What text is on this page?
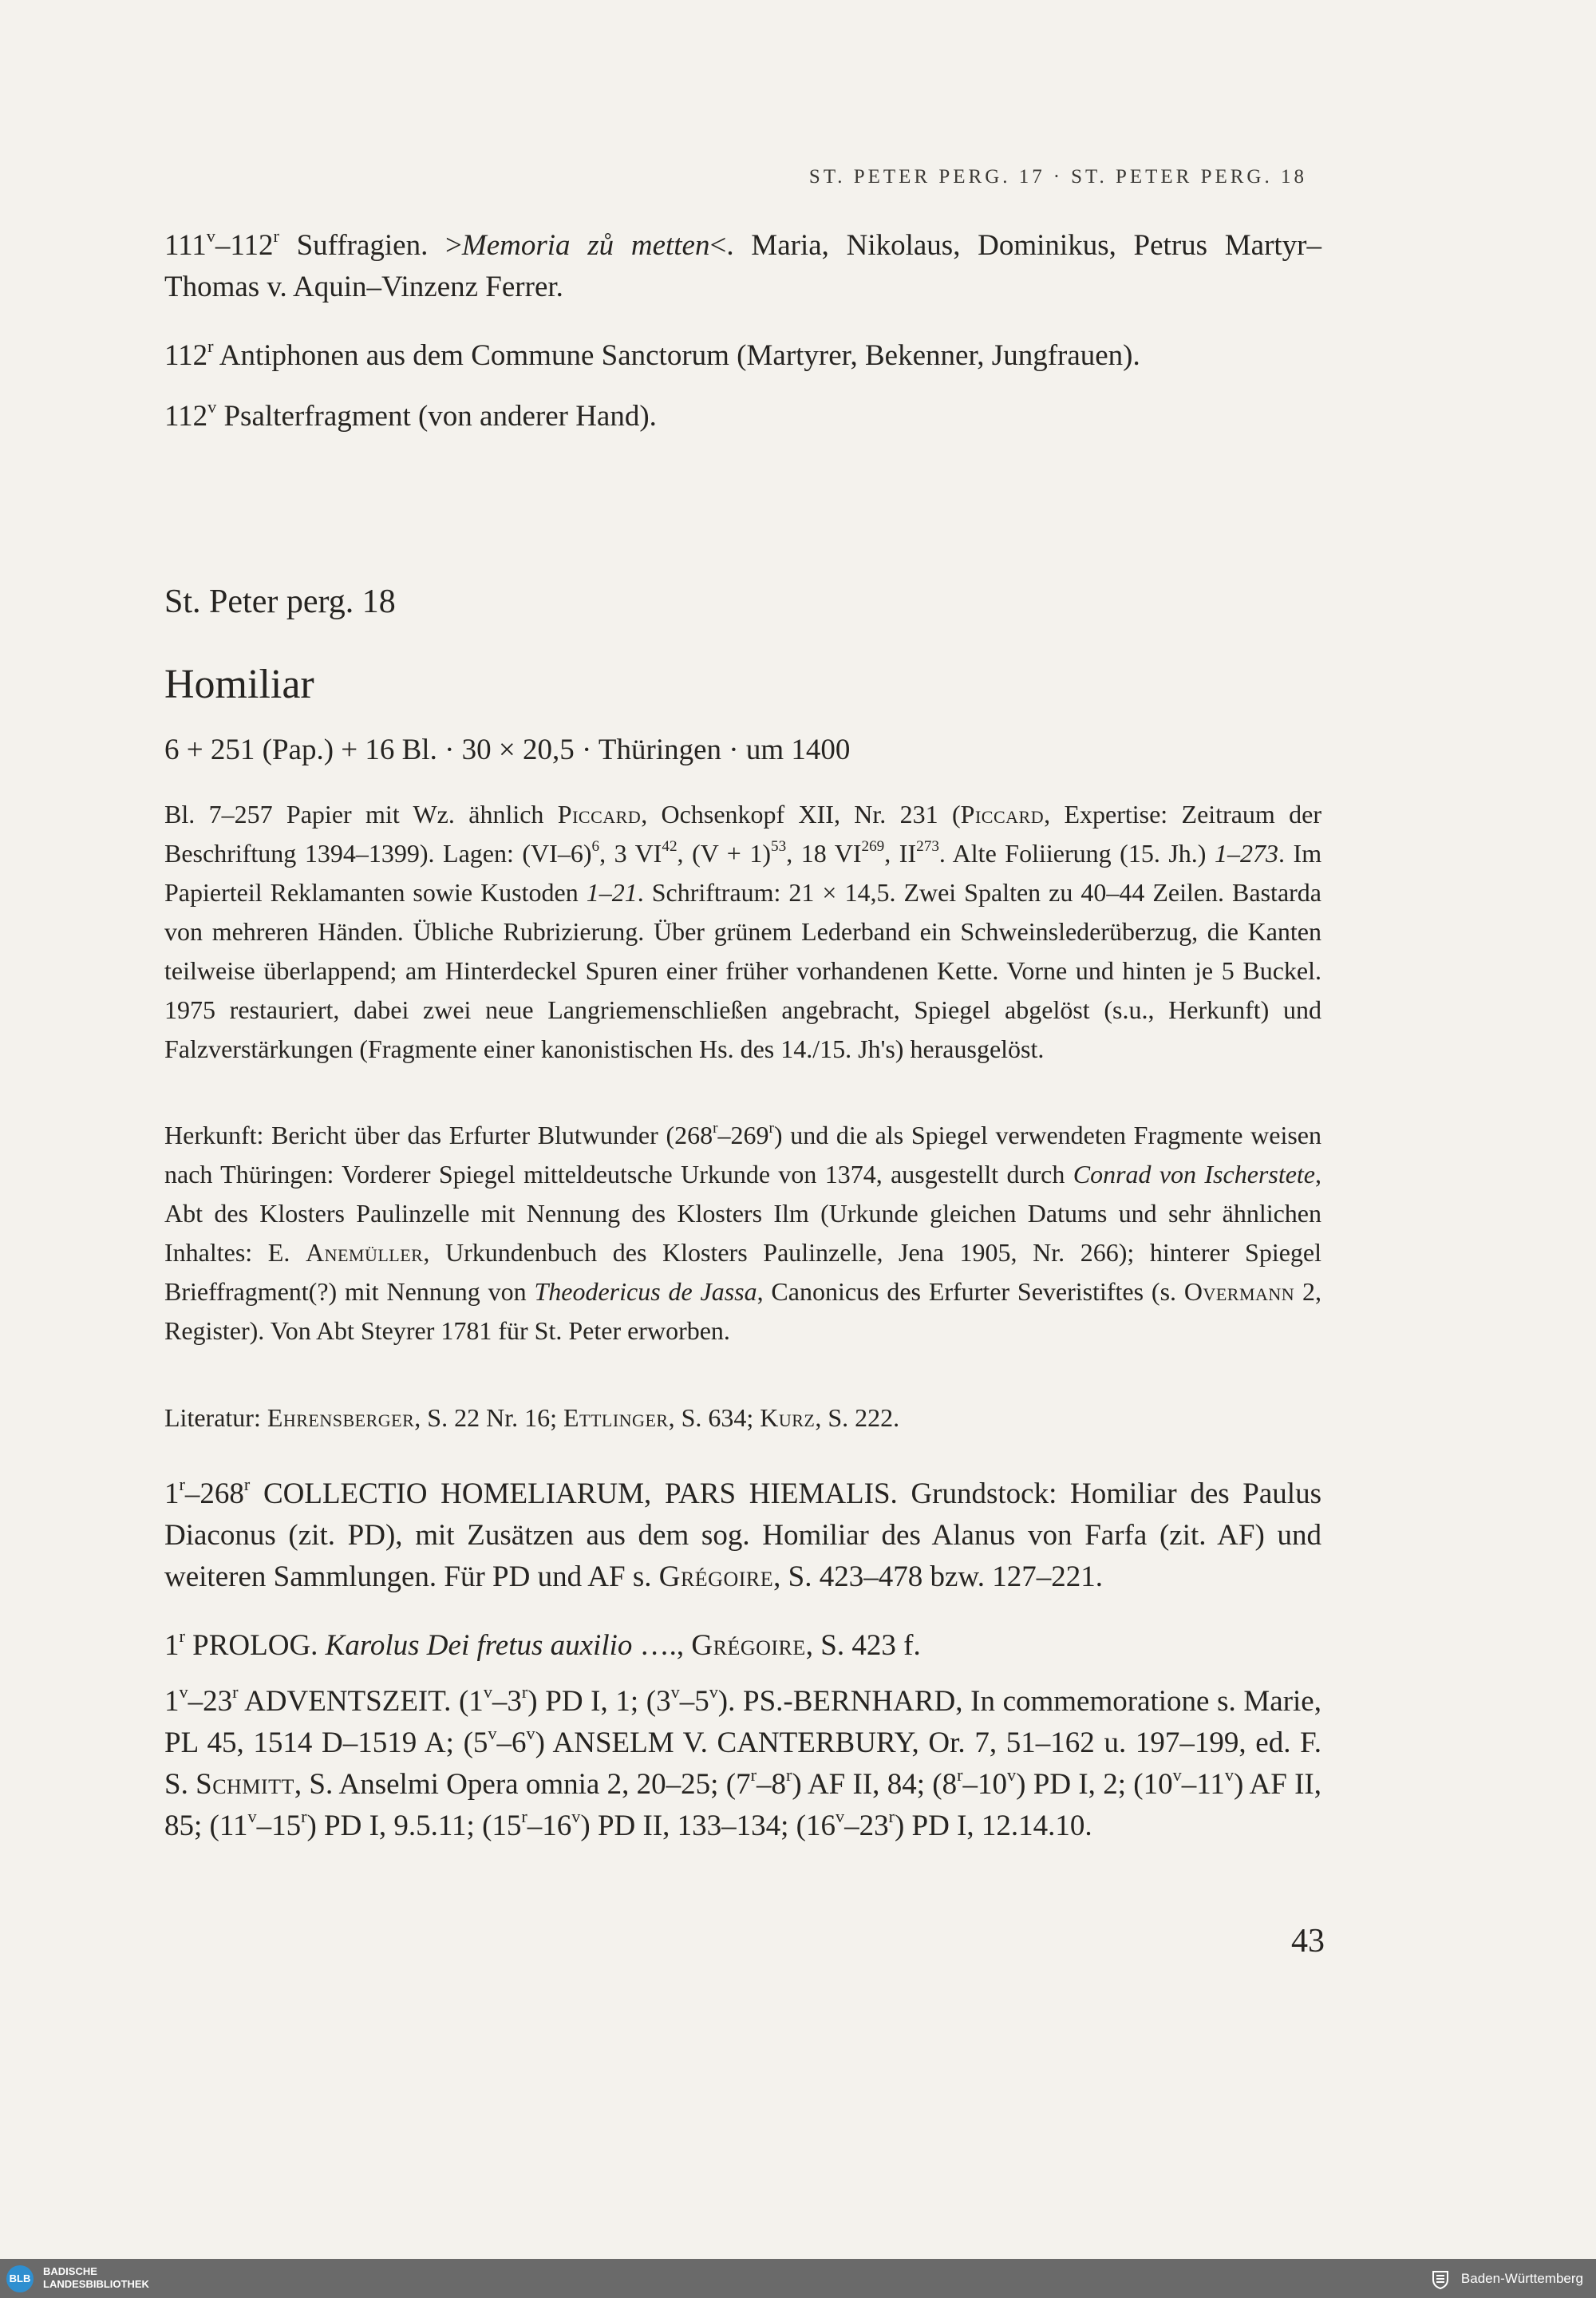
ST. PETER PERG. 17 · ST. PETER PERG. 18
111$^v$–112$^r$ Suffragien. >Memoria zů metten<. Maria, Nikolaus, Dominikus, Petrus Martyr–Thomas v. Aquin–Vinzenz Ferrer.
112$^r$ Antiphonen aus dem Commune Sanctorum (Martyrer, Bekenner, Jungfrauen).
112$^v$ Psalterfragment (von anderer Hand).
St. Peter perg. 18
Homiliar
6 + 251 (Pap.) + 16 Bl. · 30 × 20,5 · Thüringen · um 1400
Bl. 7–257 Papier mit Wz. ähnlich Piccard, Ochsenkopf XII, Nr. 231 (Piccard, Expertise: Zeitraum der Beschriftung 1394–1399). Lagen: $(VI-6)^6$, 3 VI$^{42}$, $(V + 1)^{53}$, 18 VI$^{269}$, II$^{273}$. Alte Foliierung (15. Jh.) 1–273. Im Papierteil Reklamanten sowie Kustoden 1–21. Schriftraum: 21 × 14,5. Zwei Spalten zu 40–44 Zeilen. Bastarda von mehreren Händen. Übliche Rubrizierung. Über grünem Lederband ein Schweinslederüberzug, die Kanten teilweise überlappend; am Hinterdeckel Spuren einer früher vorhandenen Kette. Vorne und hinten je 5 Buckel. 1975 restauriert, dabei zwei neue Langriemenschließen angebracht, Spiegel abgelöst (s.u., Herkunft) und Falzverstärkungen (Fragmente einer kanonistischen Hs. des 14./15. Jh's) herausgelöst.
Herkunft: Bericht über das Erfurter Blutwunder (268$^r$–269$^r$) und die als Spiegel verwendeten Fragmente weisen nach Thüringen: Vorderer Spiegel mitteldeutsche Urkunde von 1374, ausgestellt durch Conrad von Ischerstete, Abt des Klosters Paulinzelle mit Nennung des Klosters Ilm (Urkunde gleichen Datums und sehr ähnlichen Inhaltes: E. Anemüller, Urkundenbuch des Klosters Paulinzelle, Jena 1905, Nr. 266); hinterer Spiegel Brieffragment(?) mit Nennung von Theodericus de Jassa, Canonicus des Erfurter Severistiftes (s. Overmann 2, Register). Von Abt Steyrer 1781 für St. Peter erworben.
Literatur: Ehrensberger, S. 22 Nr. 16; Ettlinger, S. 634; Kurz, S. 222.
1$^r$–268$^r$ COLLECTIO HOMELIARUM, PARS HIEMALIS. Grundstock: Homiliar des Paulus Diaconus (zit. PD), mit Zusätzen aus dem sog. Homiliar des Alanus von Farfa (zit. AF) und weiteren Sammlungen. Für PD und AF s. Grégoire, S. 423–478 bzw. 127–221.
1$^r$ PROLOG. Karolus Dei fretus auxilio …., Grégoire, S. 423 f.
1$^v$–23$^r$ ADVENTSZEIT. (1$^v$–3$^r$) PD I, 1; (3$^v$–5$^v$). PS.-BERNHARD, In commemoratione s. Marie, PL 45, 1514 D–1519 A; (5$^v$–6$^v$) ANSELM V. CANTERBURY, Or. 7, 51–162 u. 197–199, ed. F. S. Schmitt, S. Anselmi Opera omnia 2, 20–25; (7$^r$–8$^r$) AF II, 84; (8$^r$–10$^v$) PD I, 2; (10$^v$–11$^v$) AF II, 85; (11$^v$–15$^r$) PD I, 9.5.11; (15$^r$–16$^v$) PD II, 133–134; (16$^v$–23$^r$) PD I, 12.14.10.
43
BLB
BADISCHE
LANDESBIBLIOTHEK	Baden-Württemberg
